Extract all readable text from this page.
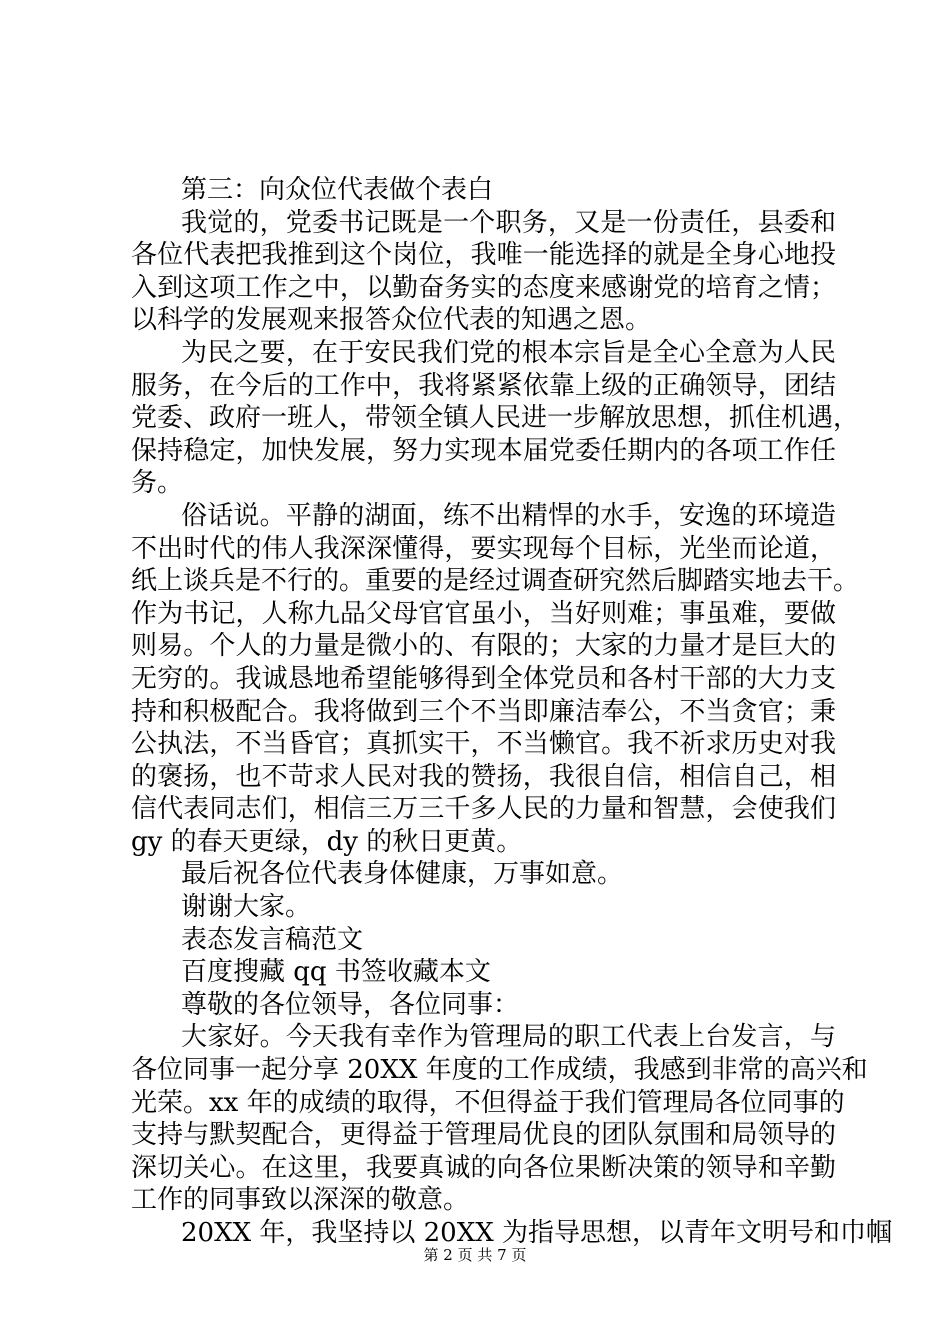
第三：向众位代表做个表白
我觉的，党委书记既是一个职务，又是一份责任，县委和
各位代表把我推到这个岗位，我唯一能选择的就是全身心地投
入到这项工作之中，以勤奋务实的态度来感谢党的培育之情；
以科学的发展观来报答众位代表的知遇之恩。
为民之要，在于安民我们党的根本宗旨是全心全意为人民
服务，在今后的工作中，我将紧紧依靠上级的正确领导，团结
党委、政府一班人，带领全镇人民进一步解放思想，抓住机遇，
保持稳定，加快发展，努力实现本届党委任期内的各项工作任
务。
俗话说。平静的湖面，练不出精悍的水手，安逸的环境造
不出时代的伟人我深深懂得，要实现每个目标，光坐而论道，
纸上谈兵是不行的。重要的是经过调查研究然后脚踏实地去干。
作为书记，人称九品父母官官虽小，当好则难；事虽难，要做
则易。个人的力量是微小的、有限的；大家的力量才是巨大的
无穷的。我诚恳地希望能够得到全体党员和各村干部的大力支
持和积极配合。我将做到三个不当即廉洁奉公，不当贪官；秉
公执法，不当昏官；真抓实干，不当懒官。我不祈求历史对我
的褒扬，也不苛求人民对我的赞扬，我很自信，相信自己，相
信代表同志们，相信三万三千多人民的力量和智慧，会使我们
gy 的春天更绿，dy 的秋日更黄。
最后祝各位代表身体健康，万事如意。
谢谢大家。
表态发言稿范文
百度搜藏 qq 书签收藏本文
尊敬的各位领导，各位同事：
大家好。今天我有幸作为管理局的职工代表上台发言，与
各位同事一起分享 20XX 年度的工作成绩，我感到非常的高兴和
光荣。xx 年的成绩的取得，不但得益于我们管理局各位同事的
支持与默契配合，更得益于管理局优良的团队氛围和局领导的
深切关心。在这里，我要真诚的向各位果断决策的领导和辛勤
工作的同事致以深深的敬意。
20XX 年，我坚持以 20XX 为指导思想，以青年文明号和巾帼
第 2 页 共 7 页
